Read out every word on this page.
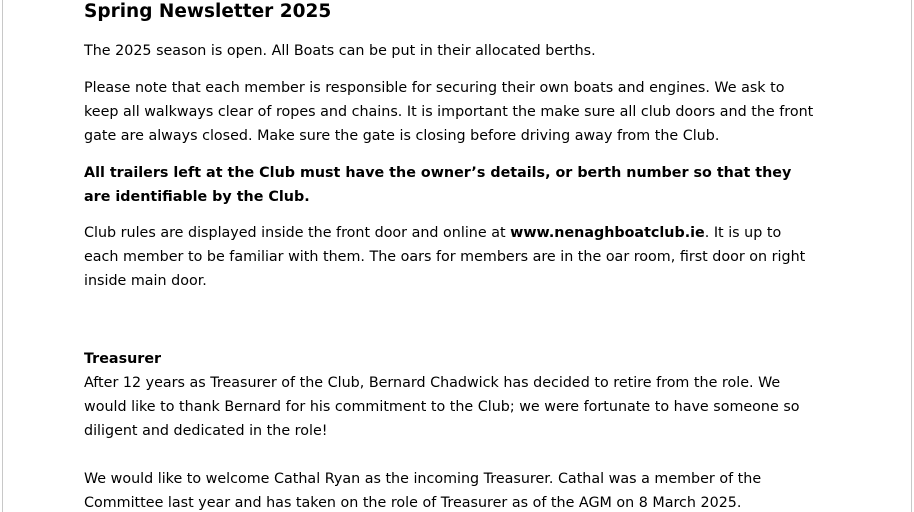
Spring Newsletter 2025

The 2025 season is open. All Boats can be put in their allocated berths.

Please note that each member is responsible for securing their own boats and engines. We ask to keep all walkways clear of ropes and chains. It is important the make sure all club doors and the front gate are always closed. Make sure the gate is closing before driving away from the Club.

All trailers left at the Club must have the owner’s details, or berth number so that they are identifiable by the Club.

Club rules are displayed inside the front door and online at www.nenaghboatclub.ie. It is up to each member to be familiar with them. The oars for members are in the oar room, first door on right inside main door.

Treasurer

After 12 years as Treasurer of the Club, Bernard Chadwick has decided to retire from the role. We would like to thank Bernard for his commitment to the Club; we were fortunate to have someone so diligent and dedicated in the role!

We would like to welcome Cathal Ryan as the incoming Treasurer. Cathal was a member of the Committee last year and has taken on the role of Treasurer as of the AGM on 8 March 2025.
